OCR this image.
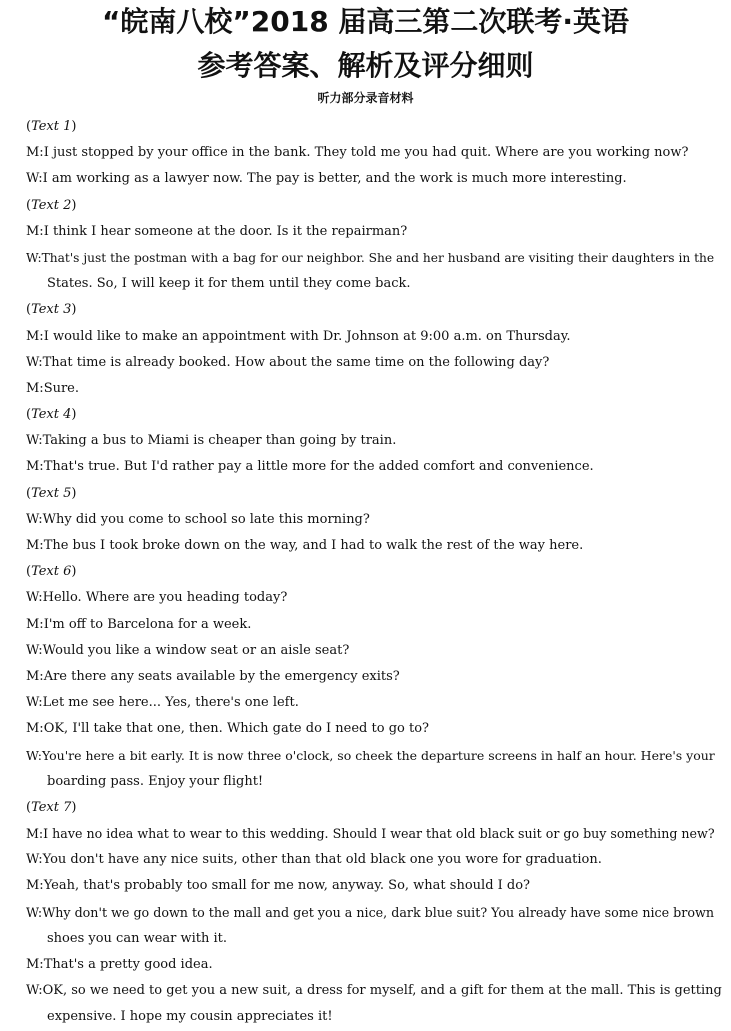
“皖南八校”2018 届高三第二次联考·英语
参考答案、解析及评分细则
听力部分录音材料
(Text 1)
M:I just stopped by your office in the bank. They told me you had quit. Where are you working now?
W:I am working as a lawyer now. The pay is better, and the work is much more interesting.
(Text 2)
M:I think I hear someone at the door. Is it the repairman?
W:That's just the postman with a bag for our neighbor. She and her husband are visiting their daughters in the
States. So, I will keep it for them until they come back.
(Text 3)
M:I would like to make an appointment with Dr. Johnson at 9:00 a.m. on Thursday.
W:That time is already booked. How about the same time on the following day?
M:Sure.
(Text 4)
W:Taking a bus to Miami is cheaper than going by train.
M:That's true. But I'd rather pay a little more for the added comfort and convenience.
(Text 5)
W:Why did you come to school so late this morning?
M:The bus I took broke down on the way, and I had to walk the rest of the way here.
(Text 6)
W:Hello. Where are you heading today?
M:I'm off to Barcelona for a week.
W:Would you like a window seat or an aisle seat?
M:Are there any seats available by the emergency exits?
W:Let me see here... Yes, there's one left.
M:OK, I'll take that one, then. Which gate do I need to go to?
W:You're here a bit early. It is now three o'clock, so cheek the departure screens in half an hour. Here's your
boarding pass. Enjoy your flight!
(Text 7)
M:I have no idea what to wear to this wedding. Should I wear that old black suit or go buy something new?
W:You don't have any nice suits, other than that old black one you wore for graduation.
M:Yeah, that's probably too small for me now, anyway. So, what should I do?
W:Why don't we go down to the mall and get you a nice, dark blue suit? You already have some nice brown
shoes you can wear with it.
M:That's a pretty good idea.
W:OK, so we need to get you a new suit, a dress for myself, and a gift for them at the mall. This is getting
expensive. I hope my cousin appreciates it!
